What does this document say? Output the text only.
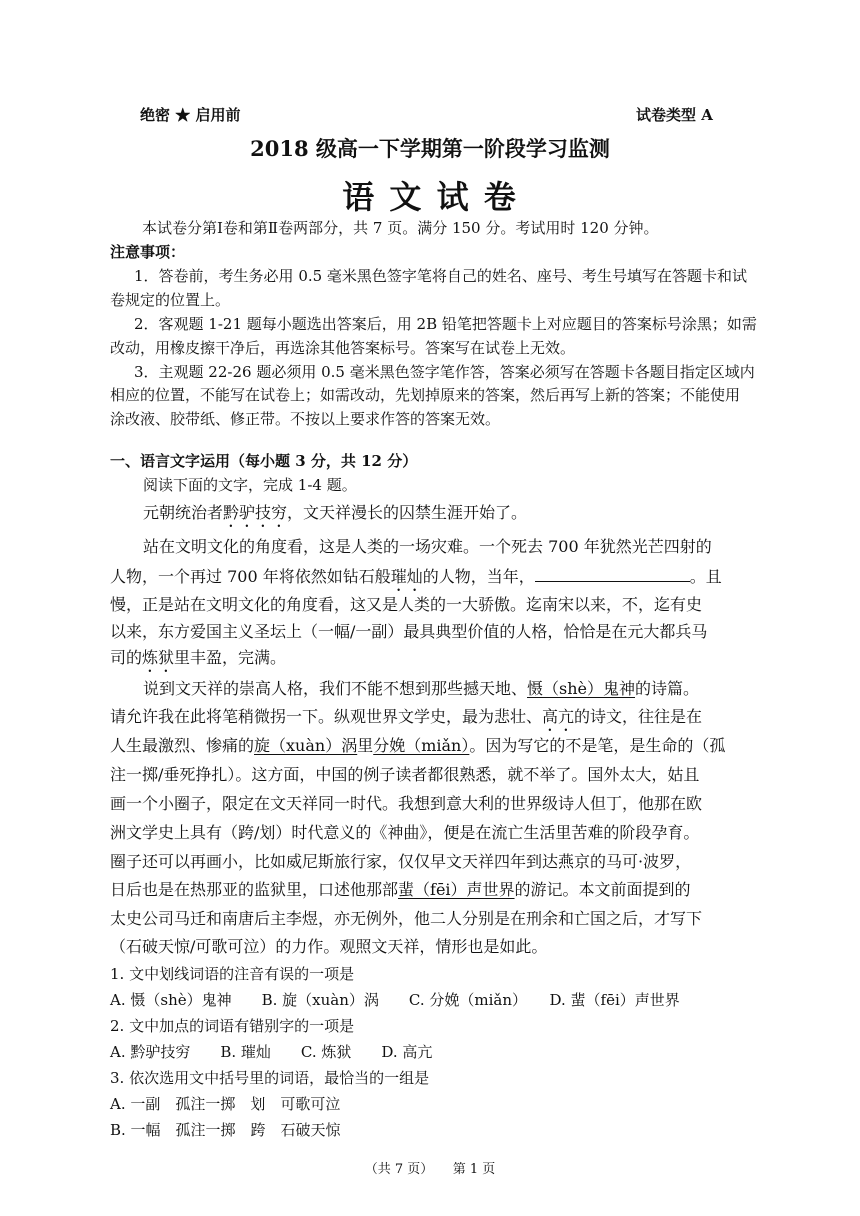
绝密 ★ 启用前	试卷类型 A
2018 级高一下学期第一阶段学习监测
语 文 试 卷
本试卷分第Ⅰ卷和第Ⅱ卷两部分，共 7 页。满分 150 分。考试用时 120 分钟。
注意事项：
1．答卷前，考生务必用 0.5 毫米黑色签字笔将自己的姓名、座号、考生号填写在答题卡和试
卷规定的位置上。
2．客观题 1-21 题每小题选出答案后，用 2B 铅笔把答题卡上对应题目的答案标号涂黑；如需
改动，用橡皮擦干净后，再选涂其他答案标号。答案写在试卷上无效。
3．主观题 22-26 题必须用 0.5 毫米黑色签字笔作答，答案必须写在答题卡各题目指定区域内
相应的位置，不能写在试卷上；如需改动，先划掉原来的答案，然后再写上新的答案；不能使用
涂改液、胶带纸、修正带。不按以上要求作答的答案无效。
一、语言文字运用（每小题 3 分，共 12 分）
阅读下面的文字，完成 1-4 题。
元朝统治者黔驴技穷，文天祥漫长的囚禁生涯开始了。
站在文明文化的角度看，这是人类的一场灾难。一个死去 700 年犹然光芒四射的
人物，一个再过 700 年将依然如钻石般璀灿的人物，当年，	。且
慢，正是站在文明文化的角度看，这又是人类的一大骄傲。迄南宋以来，不，迄有史
以来，东方爱国主义圣坛上（一幅/一副）最具典型价值的人格，恰恰是在元大都兵马
司的炼狱里丰盈，完满。
说到文天祥的崇高人格，我们不能不想到那些撼天地、慑（shè）鬼神的诗篇。
请允许我在此将笔稍微拐一下。纵观世界文学史，最为悲壮、高亢的诗文，往往是在
人生最激烈、惨痛的旋（xuàn）涡里分娩（miǎn）。因为写它的不是笔，是生命的（孤
注一掷/垂死挣扎）。这方面，中国的例子读者都很熟悉，就不举了。国外太大，姑且
画一个小圈子，限定在文天祥同一时代。我想到意大利的世界级诗人但丁，他那在欧
洲文学史上具有（跨/划）时代意义的《神曲》，便是在流亡生活里苦难的阶段孕育。
圈子还可以再画小，比如威尼斯旅行家，仅仅早文天祥四年到达燕京的马可·波罗，
日后也是在热那亚的监狱里，口述他那部蜚（fēi）声世界的游记。本文前面提到的
太史公司马迁和南唐后主李煜，亦无例外，他二人分别是在刑余和亡国之后，才写下
（石破天惊/可歌可泣）的力作。观照文天祥，情形也是如此。
1. 文中划线词语的注音有误的一项是
A. 慑（shè）鬼神　　B. 旋（xuàn）涡　　C. 分娩（miǎn）　　D. 蜚（fēi）声世界
2. 文中加点的词语有错别字的一项是
A. 黔驴技穷　　B. 璀灿　　C. 炼狱　　D. 高亢
3. 依次选用文中括号里的词语，最恰当的一组是
A. 一副　孤注一掷　划　可歌可泣
B. 一幅　孤注一掷　跨　石破天惊
（共 7 页）　　第 1 页
